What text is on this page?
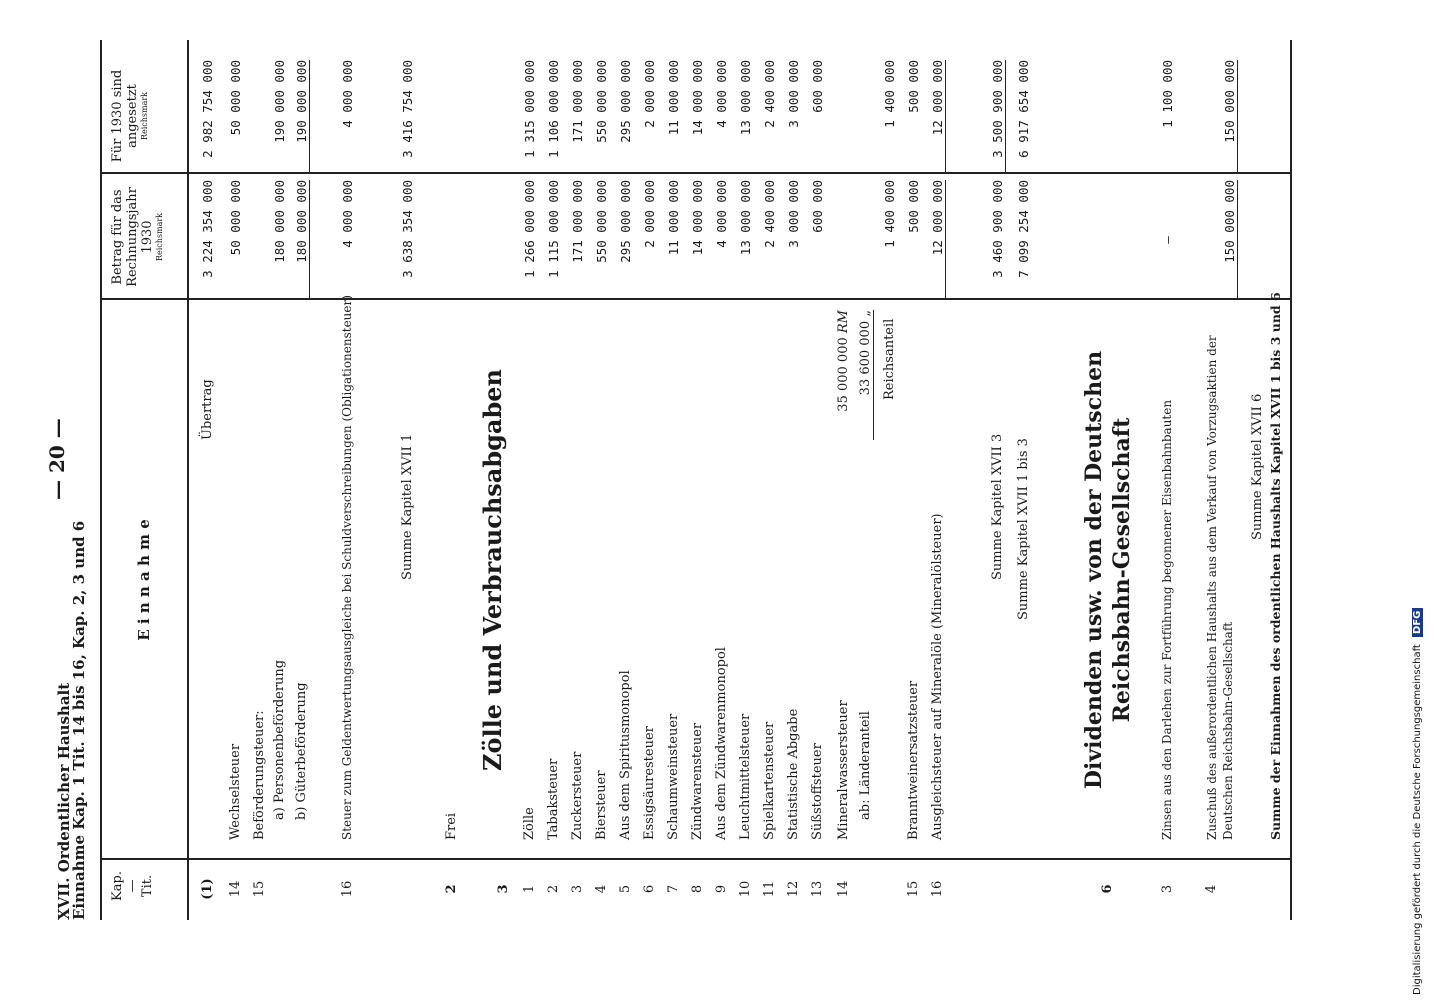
XVII. Ordentlicher Haushalt
— 20 —
Einnahme Kap. 1 Tit. 14 bis 16, Kap. 2, 3 und 6 Kap. — Tit.
E i n n a h m e
Betrag für das Rechnungsjahr 1930 Reichsmark
Für 1930 sind angesetzt Reichsmark
(1)
Übertrag
3 224 354 000
2 982 754 000
14
Wechselsteuer
50 000 000
50 000 000
15
Beförderungsteuer: a) Personenbeförderung
180 000 000
190 000 000
b) Güterbeförderung
180 000 000
190 000 000
16
Steuer zum Geldentwertungsausgleiche bei Schuldverschreibungen (Obligationensteuer)
4 000 000
4 000 000
Summe Kapitel XVII 1
3 638 354 000
3 416 754 000
2
Frei
3
Zölle und Verbrauchsabgaben
1
Zölle
1 266 000 000
1 315 000 000
2
Tabaksteuer
1 115 000 000
1 106 000 000
3
Zuckersteuer
171 000 000
171 000 000
4
Biersteuer
550 000 000
550 000 000
5
Aus dem Spiritusmonopol
295 000 000
295 000 000
6
Essigsäuresteuer
2 000 000
2 000 000
7
Schaumweinsteuer
11 000 000
11 000 000
8
Zündwarensteuer
14 000 000
14 000 000
9
Aus dem Zündwarenmonopol
4 000 000
4 000 000
10
Leuchtmittelsteuer
13 000 000
13 000 000
11
Spielkartensteuer
2 400 000
2 400 000
12
Statistische Abgabe
3 000 000
3 000 000
13
Süßstoffsteuer
600 000
600 000
14
Mineralwassersteuer
35 000 000 RM
ab: Länderanteil
33 600 000 „
Reichsanteil
1 400 000
1 400 000
15
Branntweinersatzsteuer
500 000
500 000
16
Ausgleichsteuer auf Mineralöle (Mineralölsteuer)
12 000 000
12 000 000
Summe Kapitel XVII 3
3 460 900 000
3 500 900 000
Summe Kapitel XVII 1 bis 3
7 099 254 000
6 917 654 000
6
Dividenden usw. von der Deutschen Reichsbahn-Gesellschaft
3
Zinsen aus den Darlehen zur Fortführung begonnener Eisenbahnbauten
—
1 100 000
4
Zuschuß des außerordentlichen Haushalts aus dem Verkauf von Vorzugsaktien der Deutschen Reichsbahn-Gesellschaft
150 000 000
150 000 000
Summe Kapitel XVII 6 Summe der Einnahmen des ordentlichen Haushalts Kapitel XVII 1 bis 3 und 6	Digitalisierung gefördert durch die Deutsche Forschungsgemeinschaft DFG
